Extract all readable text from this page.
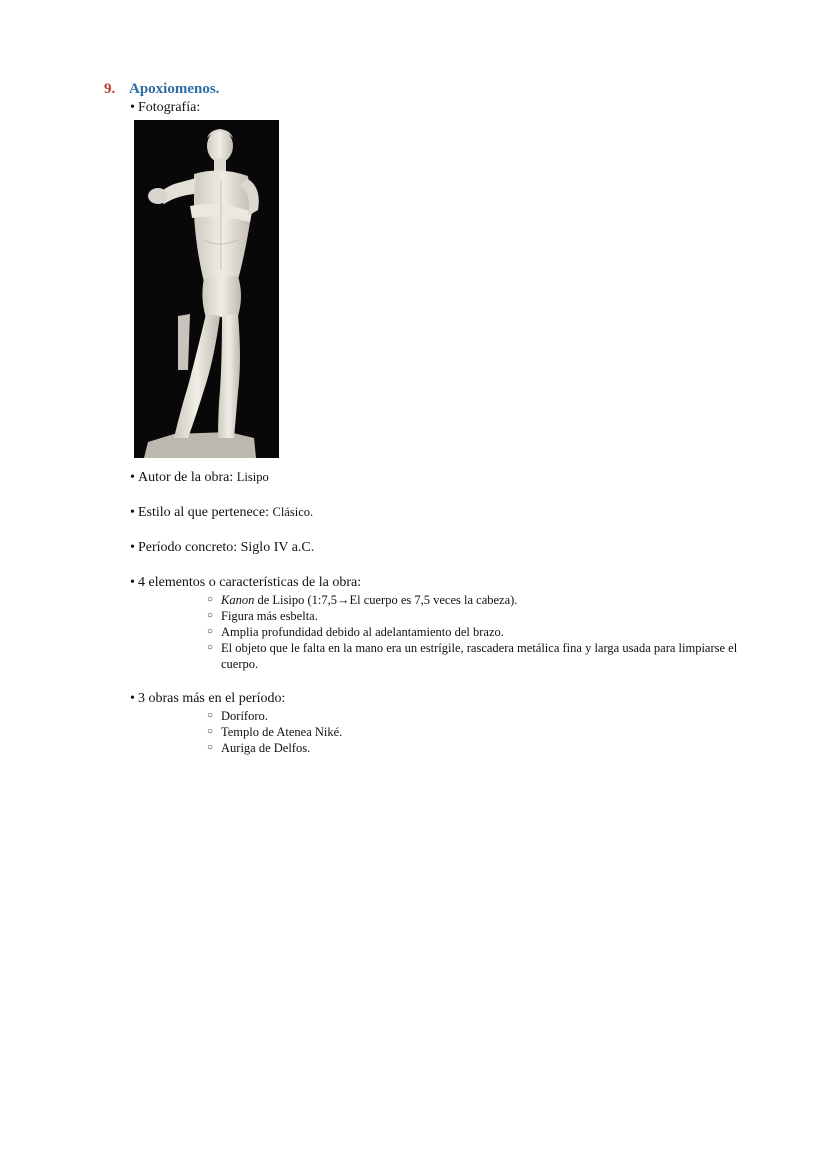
9. Apoxiomenos.
• Fotografía:
• Autor de la obra: Lisipo
• Estilo al que pertenece: Clásico.
• Período concreto: Siglo IV a.C.
• 4 elementos o características de la obra:
○ Kanon de Lisipo (1:7,5→El cuerpo es 7,5 veces la cabeza).
○ Figura más esbelta.
○ Amplia profundidad debido al adelantamiento del brazo.
○ El objeto que le falta en la mano era un estrígile, rascadera metálica fina y larga usada para limpiarse el cuerpo.
• 3 obras más en el período:
○ Doríforo.
○ Templo de Atenea Niké.
○ Auriga de Delfos.
